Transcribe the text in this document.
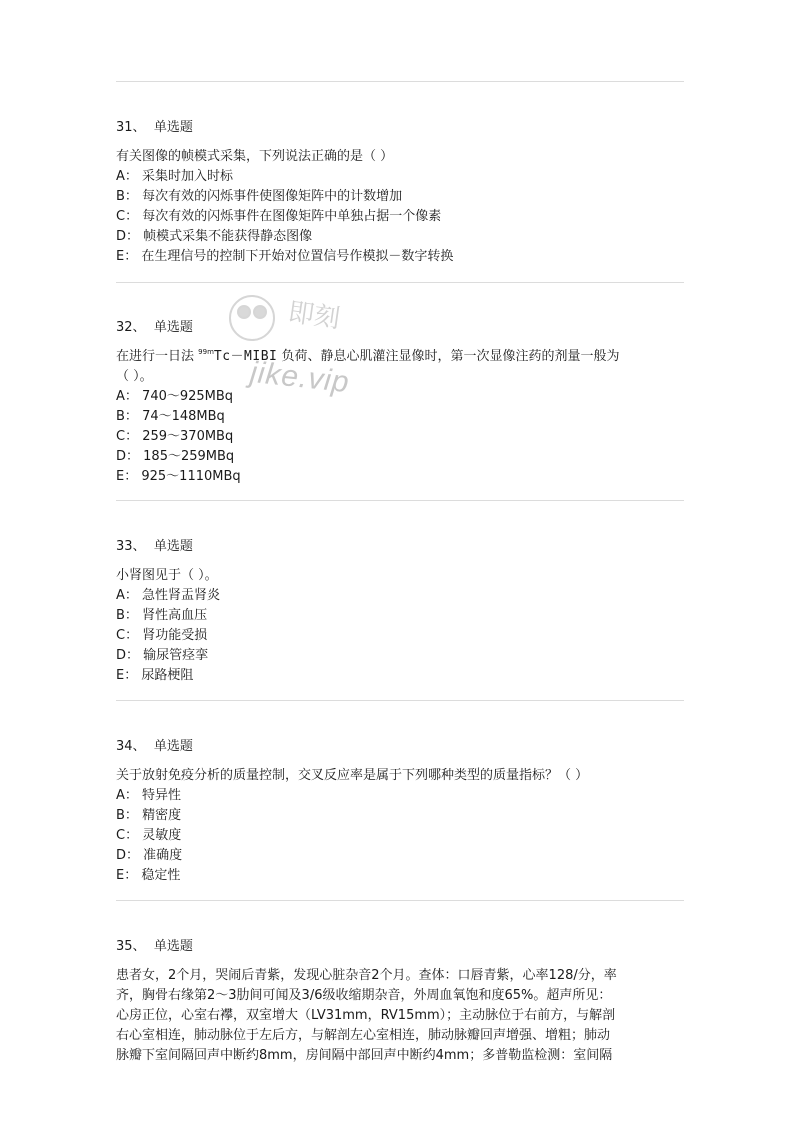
即刻
jike.vip

31、 单选题

有关图像的帧模式采集，下列说法正确的是（ ）

A： 采集时加入时标

B： 每次有效的闪烁事件使图像矩阵中的计数增加

C： 每次有效的闪烁事件在图像矩阵中单独占据一个像素

D： 帧模式采集不能获得静态图像

E： 在生理信号的控制下开始对位置信号作模拟－数字转换

32、 单选题

在进行一日法 $^{99m}$Tc－MIBI 负荷、静息心肌灌注显像时，第一次显像注药的剂量一般为

（ ）。

A： 740～925MBq

B： 74～148MBq

C： 259～370MBq

D： 185～259MBq

E： 925～1110MBq

33、 单选题

小肾图见于（ ）。

A： 急性肾盂肾炎

B： 肾性高血压

C： 肾功能受损

D： 输尿管痉挛

E： 尿路梗阻

34、 单选题

关于放射免疫分析的质量控制，交叉反应率是属于下列哪种类型的质量指标？（ ）

A： 特异性

B： 精密度

C： 灵敏度

D： 准确度

E： 稳定性

35、 单选题

患者女，2个月，哭闹后青紫，发现心脏杂音2个月。查体：口唇青紫，心率128/分，率

齐，胸骨右缘第2～3肋间可闻及3/6级收缩期杂音，外周血氧饱和度65%。超声所见：

心房正位，心室右襻，双室增大（LV31mm，RV15mm）；主动脉位于右前方，与解剖

右心室相连，肺动脉位于左后方，与解剖左心室相连，肺动脉瓣回声增强、增粗；肺动

脉瓣下室间隔回声中断约8mm，房间隔中部回声中断约4mm；多普勒监检测：室间隔
